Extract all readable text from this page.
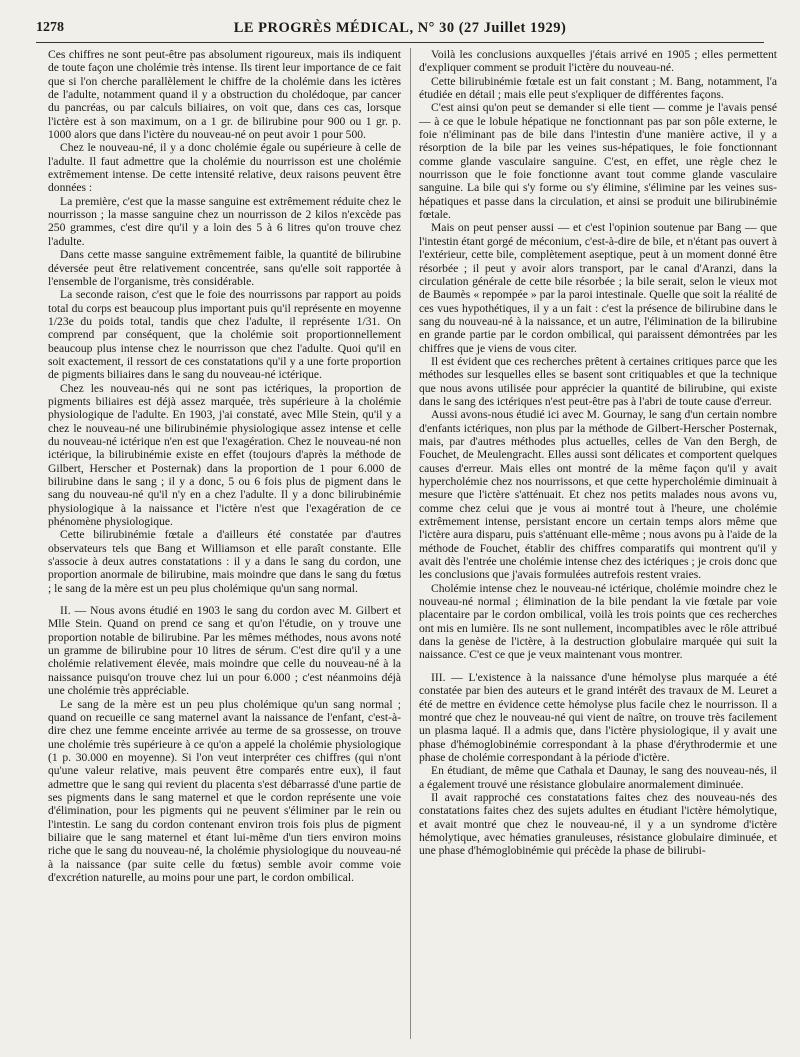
1278	LE PROGRÈS MÉDICAL, N° 30 (27 Juillet 1929)

Ces chiffres ne sont peut-être pas absolument rigoureux, mais ils indiquent de toute façon une cholémie très intense. Ils tirent leur importance de ce fait que si l'on cherche parallèlement le chiffre de la cholémie dans les ictères de l'adulte, notamment quand il y a obstruction du cholédoque, par cancer du pancréas, ou par calculs biliaires, on voit que, dans ces cas, lorsque l'ictère est à son maximum, on a 1 gr. de bilirubine pour 900 ou 1 gr. p. 1000 alors que dans l'ictère du nouveau-né on peut avoir 1 pour 500.

Chez le nouveau-né, il y a donc cholémie égale ou supérieure à celle de l'adulte. Il faut admettre que la cholémie du nourrisson est une cholémie extrêmement intense. De cette intensité relative, deux raisons peuvent être données :

La première, c'est que la masse sanguine est extrêmement réduite chez le nourrisson ; la masse sanguine chez un nourrisson de 2 kilos n'excède pas 250 grammes, c'est dire qu'il y a loin des 5 à 6 litres qu'on trouve chez l'adulte.

Dans cette masse sanguine extrêmement faible, la quantité de bilirubine déversée peut être relativement concentrée, sans qu'elle soit rapportée à l'ensemble de l'organisme, très considérable.

La seconde raison, c'est que le foie des nourrissons par rapport au poids total du corps est beaucoup plus important puis qu'il représente en moyenne 1/23e du poids total, tandis que chez l'adulte, il représente 1/31. On comprend par conséquent, que la cholémie soit proportionnellement beaucoup plus intense chez le nourrisson que chez l'adulte. Quoi qu'il en soit exactement, il ressort de ces constatations qu'il y a une forte proportion de pigments biliaires dans le sang du nouveau-né ictérique.

Chez les nouveau-nés qui ne sont pas ictériques, la proportion de pigments biliaires est déjà assez marquée, très supérieure à la cholémie physiologique de l'adulte. En 1903, j'ai constaté, avec Mlle Stein, qu'il y a chez le nouveau-né une bilirubinémie physiologique assez intense et celle du nouveau-né ictérique n'en est que l'exagération. Chez le nouveau-né non ictérique, la bilirubinémie existe en effet (toujours d'après la méthode de Gilbert, Herscher et Posternak) dans la proportion de 1 pour 6.000 de bilirubine dans le sang ; il y a donc, 5 ou 6 fois plus de pigment dans le sang du nouveau-né qu'il n'y en a chez l'adulte. Il y a donc bilirubinémie physiologique à la naissance et l'ictère n'est que l'exagération de ce phénomène physiologique.

Cette bilirubinémie fœtale a d'ailleurs été constatée par d'autres observateurs tels que Bang et Williamson et elle paraît constante. Elle s'associe à deux autres constatations : il y a dans le sang du cordon, une proportion anormale de bilirubine, mais moindre que dans le sang du fœtus ; le sang de la mère est un peu plus cholémique qu'un sang normal.

II. — Nous avons étudié en 1903 le sang du cordon avec M. Gilbert et Mlle Stein. Quand on prend ce sang et qu'on l'étudie, on y trouve une proportion notable de bilirubine. Par les mêmes méthodes, nous avons noté un gramme de bilirubine pour 10 litres de sérum. C'est dire qu'il y a une cholémie relativement élevée, mais moindre que celle du nouveau-né à la naissance puisqu'on trouve chez lui un pour 6.000 ; c'est néanmoins déjà une cholémie très appréciable.

Le sang de la mère est un peu plus cholémique qu'un sang normal ; quand on recueille ce sang maternel avant la naissance de l'enfant, c'est-à-dire chez une femme enceinte arrivée au terme de sa grossesse, on trouve une cholémie très supérieure à ce qu'on a appelé la cholémie physiologique (1 p. 30.000 en moyenne). Si l'on veut interpréter ces chiffres (qui n'ont qu'une valeur relative, mais peuvent être comparés entre eux), il faut admettre que le sang qui revient du placenta s'est débarrassé d'une partie de ses pigments dans le sang maternel et que le cordon représente une voie d'élimination, pour les pigments qui ne peuvent s'éliminer par le rein ou l'intestin. Le sang du cordon contenant environ trois fois plus de pigment biliaire que le sang maternel et étant lui-même d'un tiers environ moins riche que le sang du nouveau-né, la cholémie physiologique du nouveau-né à la naissance (par suite celle du fœtus) semble avoir comme voie d'excrétion naturelle, au moins pour une part, le cordon ombilical.

Voilà les conclusions auxquelles j'étais arrivé en 1905 ; elles permettent d'expliquer comment se produit l'ictère du nouveau-né.

Cette bilirubinémie fœtale est un fait constant ; M. Bang, notamment, l'a étudiée en détail ; mais elle peut s'expliquer de différentes façons.

C'est ainsi qu'on peut se demander si elle tient — comme je l'avais pensé — à ce que le lobule hépatique ne fonctionnant pas par son pôle externe, le foie n'éliminant pas de bile dans l'intestin d'une manière active, il y a résorption de la bile par les veines sus-hépatiques, le foie fonctionnant comme glande vasculaire sanguine. C'est, en effet, une règle chez le nourrisson que le foie fonctionne avant tout comme glande vasculaire sanguine. La bile qui s'y forme ou s'y élimine, s'élimine par les veines sus-hépatiques et passe dans la circulation, et ainsi se produit une bilirubinémie fœtale.

Mais on peut penser aussi — et c'est l'opinion soutenue par Bang — que l'intestin étant gorgé de méconium, c'est-à-dire de bile, et n'étant pas ouvert à l'extérieur, cette bile, complètement aseptique, peut à un moment donné être résorbée ; il peut y avoir alors transport, par le canal d'Aranzi, dans la circulation générale de cette bile résorbée ; la bile serait, selon le vieux mot de Baumès « repompée » par la paroi intestinale. Quelle que soit la réalité de ces vues hypothétiques, il y a un fait : c'est la présence de bilirubine dans le sang du nouveau-né à la naissance, et un autre, l'élimination de la bilirubine en grande partie par le cordon ombilical, qui paraissent démontrées par les chiffres que je viens de vous citer.

Il est évident que ces recherches prêtent à certaines critiques parce que les méthodes sur lesquelles elles se basent sont critiquables et que la technique que nous avons utilisée pour apprécier la quantité de bilirubine, qui existe dans le sang des ictériques n'est peut-être pas à l'abri de toute cause d'erreur.

Aussi avons-nous étudié ici avec M. Gournay, le sang d'un certain nombre d'enfants ictériques, non plus par la méthode de Gilbert-Herscher Posternak, mais, par d'autres méthodes plus actuelles, celles de Van den Bergh, de Fouchet, de Meulengracht. Elles aussi sont délicates et comportent quelques causes d'erreur. Mais elles ont montré de la même façon qu'il y avait hypercholémie chez nos nourrissons, et que cette hypercholémie diminuait à mesure que l'ictère s'atténuait. Et chez nos petits malades nous avons vu, comme chez celui que je vous ai montré tout à l'heure, une cholémie extrêmement intense, persistant encore un certain temps alors même que l'ictère aura disparu, puis s'atténuant elle-même ; nous avons pu à l'aide de la méthode de Fouchet, établir des chiffres comparatifs qui montrent qu'il y avait dès l'entrée une cholémie intense chez des ictériques ; je crois donc que les conclusions que j'avais formulées autrefois restent vraies.

Cholémie intense chez le nouveau-né ictérique, cholémie moindre chez le nouveau-né normal ; élimination de la bile pendant la vie fœtale par voie placentaire par le cordon ombilical, voilà les trois points que ces recherches ont mis en lumière. Ils ne sont nullement, incompatibles avec le rôle attribué dans la genèse de l'ictère, à la destruction globulaire marquée qui suit la naissance. C'est ce que je veux maintenant vous montrer.

III. — L'existence à la naissance d'une hémolyse plus marquée a été constatée par bien des auteurs et le grand intérêt des travaux de M. Leuret a été de mettre en évidence cette hémolyse plus facile chez le nourrisson. Il a montré que chez le nouveau-né qui vient de naître, on trouve très facilement un plasma laqué. Il a admis que, dans l'ictère physiologique, il y avait une phase d'hémoglobinémie correspondant à la phase d'érythrodermie et une phase de cholémie correspondant à la période d'ictère.

En étudiant, de même que Cathala et Daunay, le sang des nouveau-nés, il a également trouvé une résistance globulaire anormalement diminuée.

Il avait rapproché ces constatations faites chez des nouveau-nés des constatations faites chez des sujets adultes en étudiant l'ictère hémolytique, et avait montré que chez le nouveau-né, il y a un syndrome d'ictère hémolytique, avec hématies granuleuses, résistance globulaire diminuée, et une phase d'hémoglobinémie qui précède la phase de bilirubi-
